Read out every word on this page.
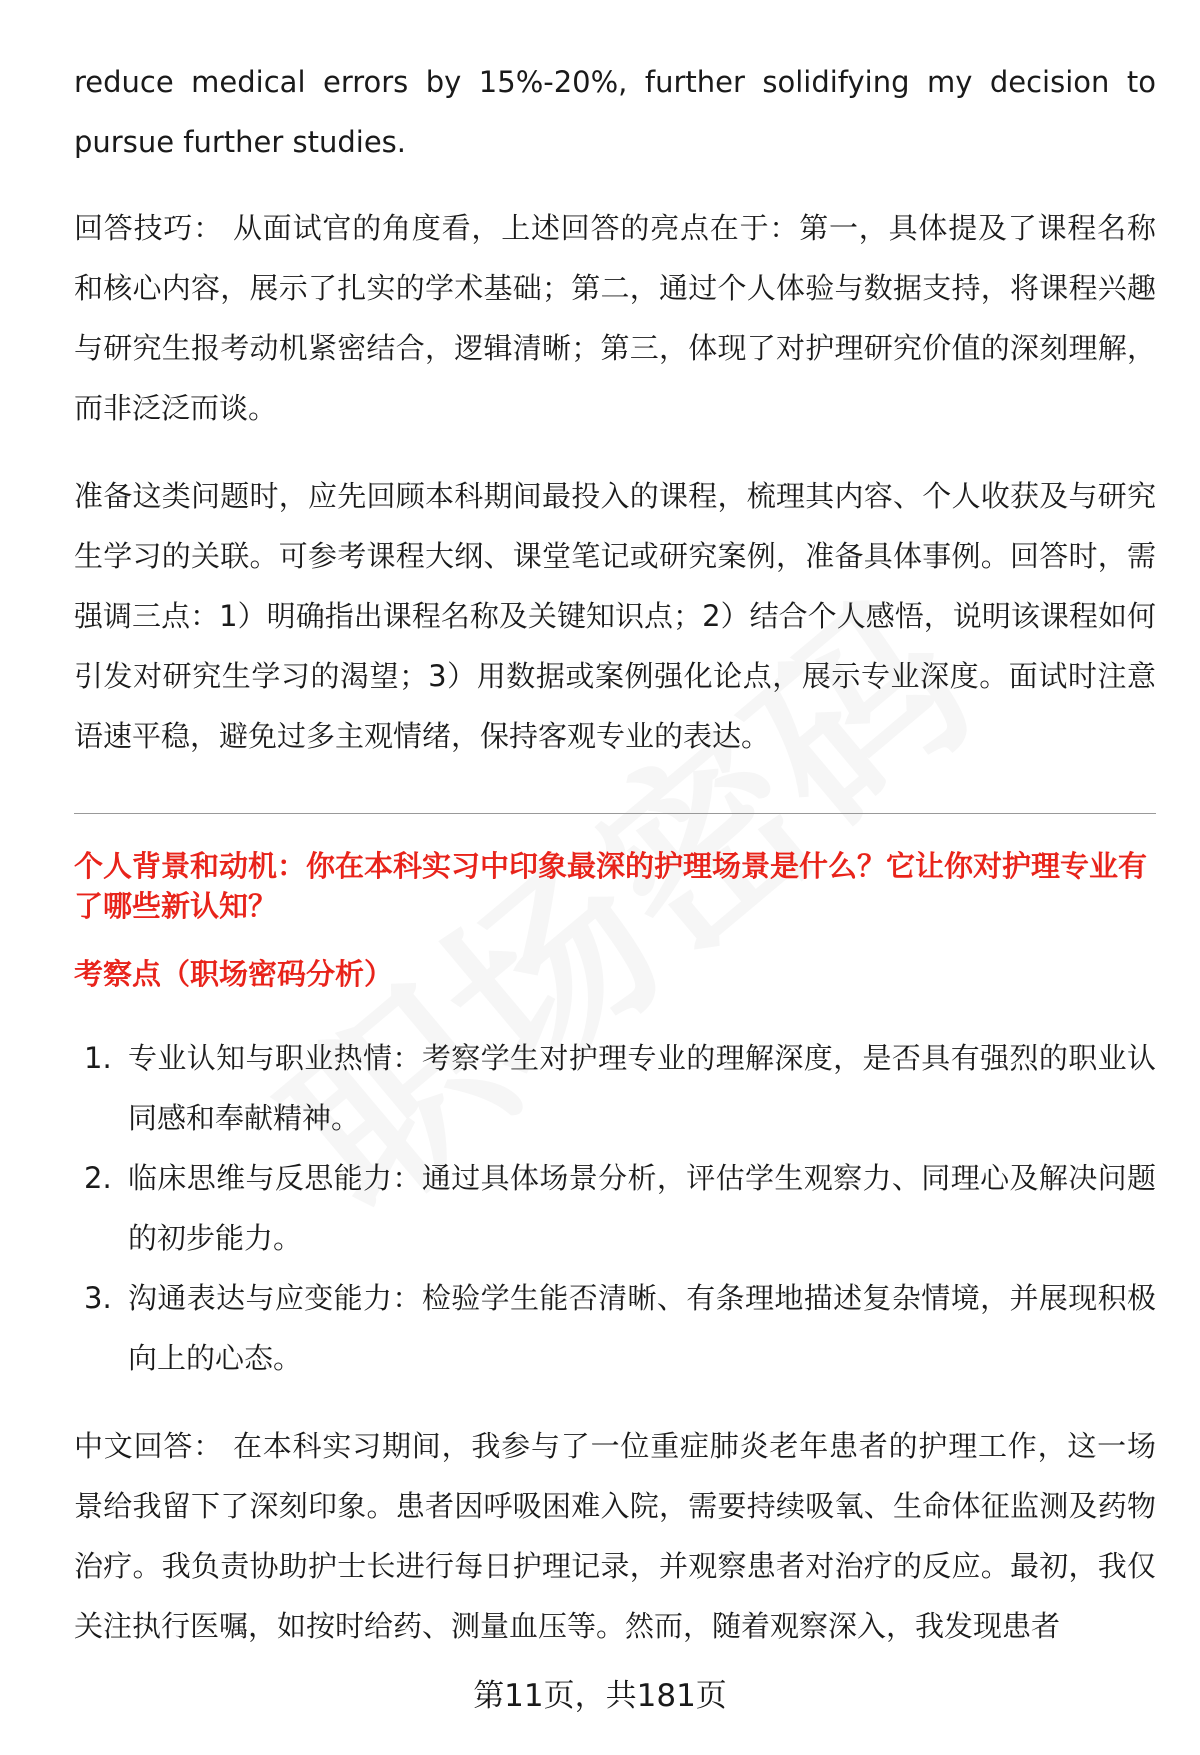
reduce medical errors by 15%-20%, further solidifying my decision to pursue further studies.

回答技巧： 从面试官的角度看，上述回答的亮点在于：第一，具体提及了课程名称和核心内容，展示了扎实的学术基础；第二，通过个人体验与数据支持，将课程兴趣与研究生报考动机紧密结合，逻辑清晰；第三，体现了对护理研究价值的深刻理解，而非泛泛而谈。

准备这类问题时，应先回顾本科期间最投入的课程，梳理其内容、个人收获及与研究生学习的关联。可参考课程大纲、课堂笔记或研究案例，准备具体事例。回答时，需强调三点：1）明确指出课程名称及关键知识点；2）结合个人感悟，说明该课程如何引发对研究生学习的渴望；3）用数据或案例强化论点，展示专业深度。面试时注意语速平稳，避免过多主观情绪，保持客观专业的表达。

个人背景和动机：你在本科实习中印象最深的护理场景是什么？它让你对护理专业有了哪些新认知？
考察点（职场密码分析）
1. 专业认知与职业热情：考察学生对护理专业的理解深度，是否具有强烈的职业认同感和奉献精神。

2. 临床思维与反思能力：通过具体场景分析，评估学生观察力、同理心及解决问题的初步能力。

3. 沟通表达与应变能力：检验学生能否清晰、有条理地描述复杂情境，并展现积极向上的心态。

中文回答： 在本科实习期间，我参与了一位重症肺炎老年患者的护理工作，这一场景给我留下了深刻印象。患者因呼吸困难入院，需要持续吸氧、生命体征监测及药物治疗。我负责协助护士长进行每日护理记录，并观察患者对治疗的反应。最初，我仅关注执行医嘱，如按时给药、测量血压等。然而，随着观察深入，我发现患者

第11页，共181页
